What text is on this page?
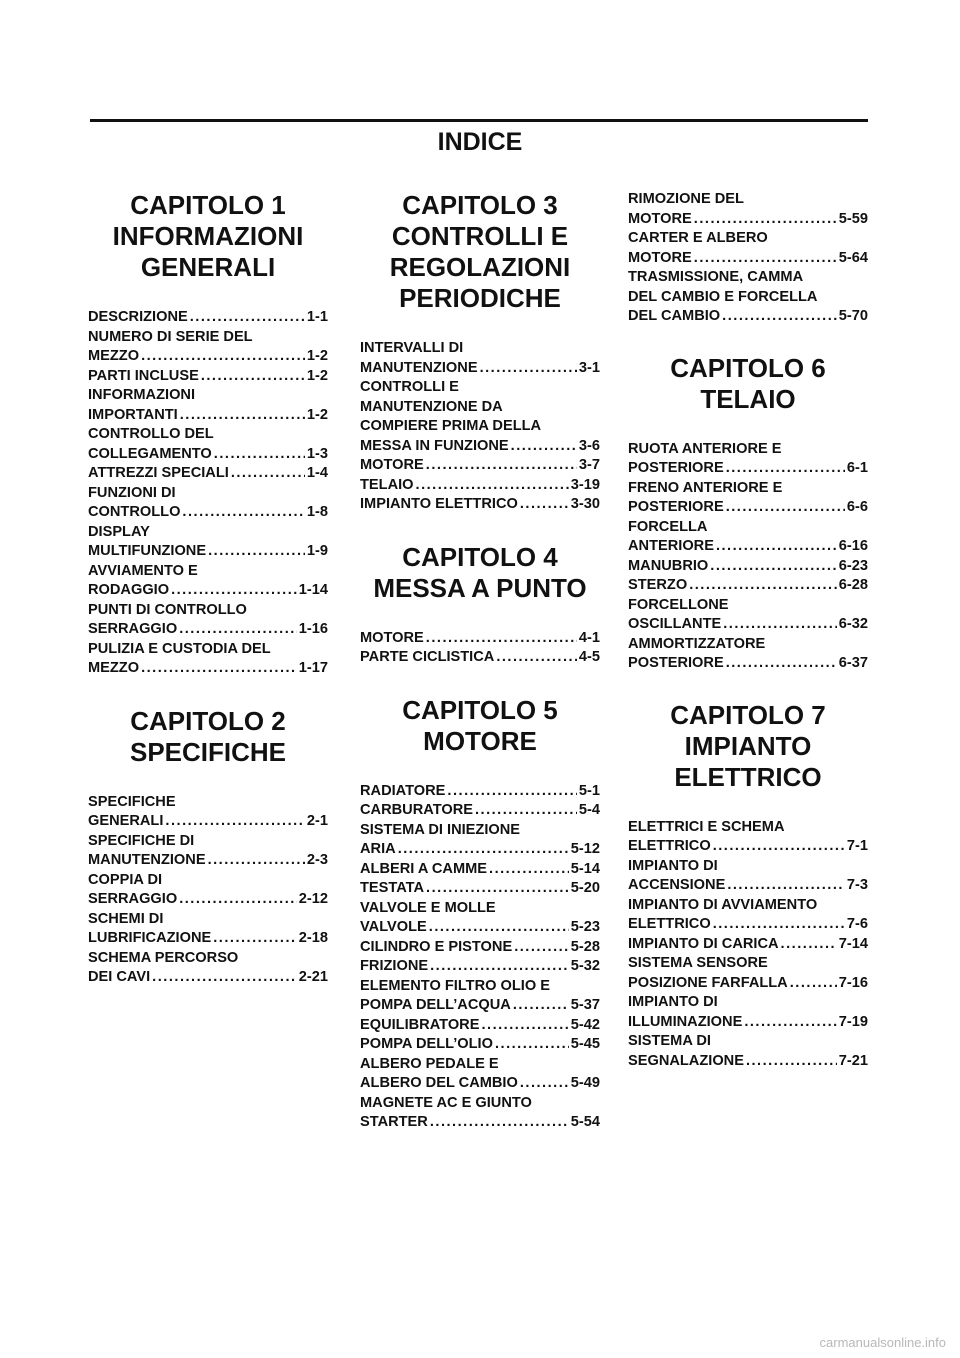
INDICE

CAPITOLO 1

INFORMAZIONI

GENERALI

DESCRIZIONE .....	1-1
NUMERO DI SERIE DEL
MEZZO .....	1-2
PARTI INCLUSE .....	1-2
INFORMAZIONI
IMPORTANTI .....	1-2
CONTROLLO DEL
COLLEGAMENTO .....	1-3
ATTREZZI SPECIALI .....	1-4
FUNZIONI DI
CONTROLLO .....	1-8
DISPLAY
MULTIFUNZIONE .....	1-9
AVVIAMENTO E
RODAGGIO .....	1-14
PUNTI DI CONTROLLO
SERRAGGIO .....	1-16
PULIZIA E CUSTODIA DEL
MEZZO .....	1-17

CAPITOLO 2

SPECIFICHE

SPECIFICHE
GENERALI .....	2-1
SPECIFICHE DI
MANUTENZIONE .....	2-3
COPPIA DI
SERRAGGIO .....	2-12
SCHEMI DI
LUBRIFICAZIONE .....	2-18
SCHEMA PERCORSO
DEI CAVI .....	2-21

CAPITOLO 3

CONTROLLI E

REGOLAZIONI

PERIODICHE

INTERVALLI DI
MANUTENZIONE .....	3-1
CONTROLLI E
MANUTENZIONE DA
COMPIERE PRIMA DELLA
MESSA IN FUNZIONE .....	3-6
MOTORE .....	3-7
TELAIO .....	3-19
IMPIANTO ELETTRICO .....	3-30

CAPITOLO 4

MESSA A PUNTO

MOTORE .....	4-1
PARTE CICLISTICA .....	4-5

CAPITOLO 5

MOTORE

RADIATORE .....	5-1
CARBURATORE .....	5-4
SISTEMA DI INIEZIONE
ARIA .....	5-12
ALBERI A CAMME .....	5-14
TESTATA .....	5-20
VALVOLE E MOLLE
VALVOLE .....	5-23
CILINDRO E PISTONE .....	5-28
FRIZIONE .....	5-32
ELEMENTO FILTRO OLIO E
POMPA DELL’ACQUA .....	5-37
EQUILIBRATORE .....	5-42
POMPA DELL’OLIO .....	5-45
ALBERO PEDALE E
ALBERO DEL CAMBIO .....	5-49
MAGNETE AC E GIUNTO
STARTER .....	5-54
RIMOZIONE DEL
MOTORE .....	5-59
CARTER E ALBERO
MOTORE .....	5-64
TRASMISSIONE, CAMMA
DEL CAMBIO E FORCELLA
DEL CAMBIO .....	5-70

CAPITOLO 6

TELAIO

RUOTA ANTERIORE E
POSTERIORE .....	6-1
FRENO ANTERIORE E
POSTERIORE .....	6-6
FORCELLA
ANTERIORE .....	6-16
MANUBRIO .....	6-23
STERZO .....	6-28
FORCELLONE
OSCILLANTE .....	6-32
AMMORTIZZATORE
POSTERIORE .....	6-37

CAPITOLO 7

IMPIANTO

ELETTRICO

ELETTRICI E SCHEMA
ELETTRICO .....	7-1
IMPIANTO DI
ACCENSIONE .....	7-3
IMPIANTO DI AVVIAMENTO
ELETTRICO .....	7-6
IMPIANTO DI CARICA .....	7-14
SISTEMA SENSORE
POSIZIONE FARFALLA .....	7-16
IMPIANTO DI
ILLUMINAZIONE .....	7-19
SISTEMA DI
SEGNALAZIONE .....	7-21
carmanualsonline.info
